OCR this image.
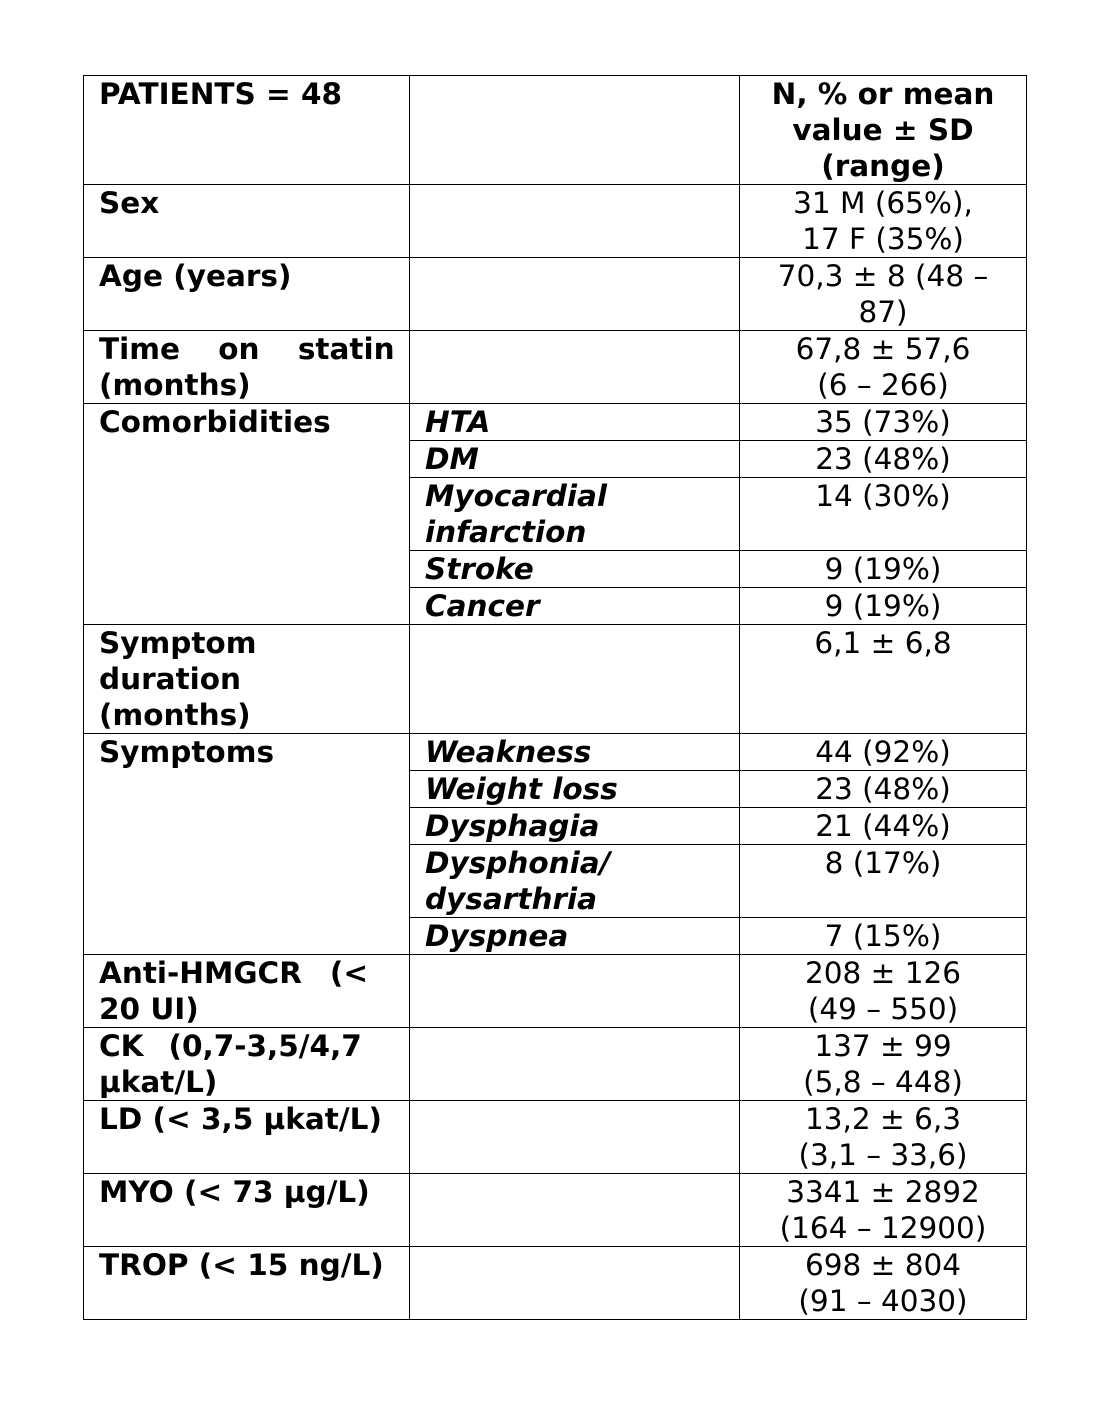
PATIENTS = 48		N, % or mean
value ± SD
(range)

Sex		31 M (65%),
17 F (35%)

Age (years)		70,3 ± 8 (48 –
87)

Time on statin
(months)		67,8 ± 57,6
(6 – 266)

Comorbidities	HTA	35 (73%)
	DM	23 (48%)

	Myocardial
infarction	14 (30%)
	Stroke	9 (19%)
	Cancer	9 (19%)

Symptom
duration
(months)		6,1 ± 6,8
Symptoms	Weakness	44 (92%)
	Weight loss	23 (48%)
	Dysphagia	21 (44%)

	Dysphonia/
dysarthria	8 (17%)
	Dyspnea	7 (15%)

Anti-HMGCR (<
20 UI)		208 ± 126
(49 – 550)

CK (0,7-3,5/4,7
µkat/L)		137 ± 99
(5,8 – 448)

LD (< 3,5 µkat/L)		13,2 ± 6,3
(3,1 – 33,6)

MYO (< 73 µg/L)		3341 ± 2892
(164 – 12900)

TROP (< 15 ng/L)		698 ± 804
(91 – 4030)
